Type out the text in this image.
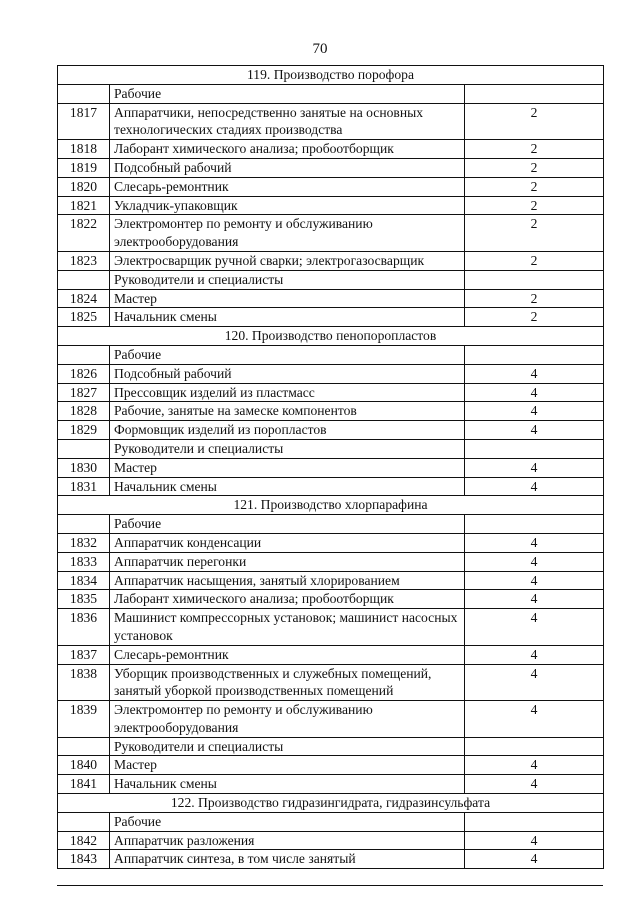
70
119. Производство порофора		
	Рабочие	
1817	Аппаратчики, непосредственно занятые на основных технологических стадиях производства	2
1818	Лаборант химического анализа; пробоотборщик	2
1819	Подсобный рабочий	2
1820	Слесарь-ремонтник	2
1821	Укладчик-упаковщик	2
1822	Электромонтер по ремонту и обслуживанию электрооборудования	2
1823	Электросварщик ручной сварки; электрогазосварщик	2
	Руководители и специалисты	
1824	Мастер	2
1825	Начальник смены	2
120. Производство пенопоропластов		
	Рабочие	
1826	Подсобный рабочий	4
1827	Прессовщик изделий из пластмасс	4
1828	Рабочие, занятые на замеске компонентов	4
1829	Формовщик изделий из поропластов	4
	Руководители и специалисты	
1830	Мастер	4
1831	Начальник смены	4
121. Производство хлорпарафина		
	Рабочие	
1832	Аппаратчик конденсации	4
1833	Аппаратчик перегонки	4
1834	Аппаратчик насыщения, занятый хлорированием	4
1835	Лаборант химического анализа; пробоотборщик	4
1836	Машинист компрессорных установок; машинист насосных установок	4
1837	Слесарь-ремонтник	4
1838	Уборщик производственных и служебных помещений, занятый уборкой производственных помещений	4
1839	Электромонтер по ремонту и обслуживанию электрооборудования	4
	Руководители и специалисты	
1840	Мастер	4
1841	Начальник смены	4
122. Производство гидразингидрата, гидразинсульфата		
	Рабочие	
1842	Аппаратчик разложения	4
1843	Аппаратчик синтеза, в том числе занятый	4
